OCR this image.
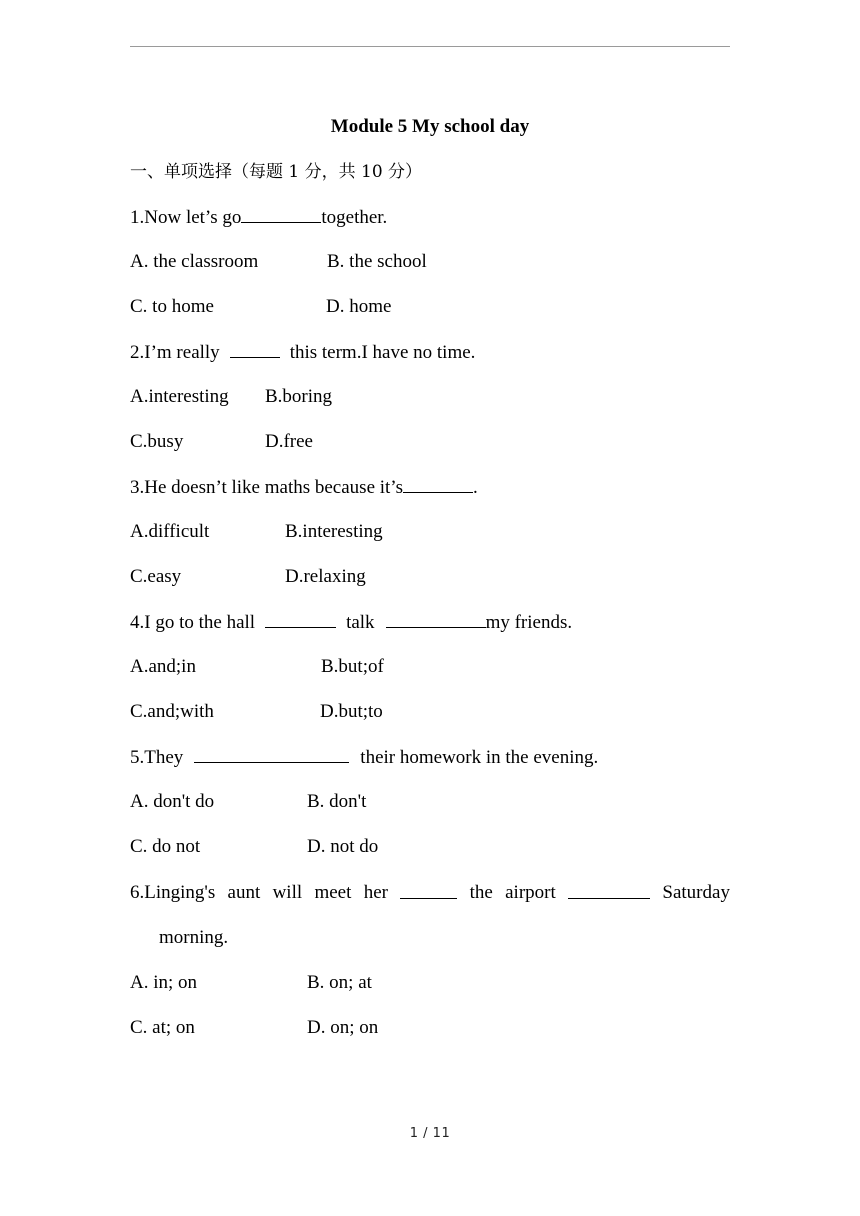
Module 5 My school day
一、单项选择（每题 1 分，共 10 分）
1.Now let’s go	together.
A. the classroom	B. the school
C. to home	D. home
2.I’m really	this term.I have no time.
A.interesting B.boring
C.busy	D.free
3.He doesn’t like maths because it’s	.
A.difficult	B.interesting
C.easy	D.relaxing
4.I go to the hall	talk	my friends.
A.and;in	B.but;of
C.and;with	D.but;to
5.They	their homework in the evening.
A. don't do	B. don't
C. do not	D. not do
6.Linging's aunt will meet her	the airport	Saturday
morning.
A. in; on	B. on; at
C. at; on	D. on; on
1 / 11
